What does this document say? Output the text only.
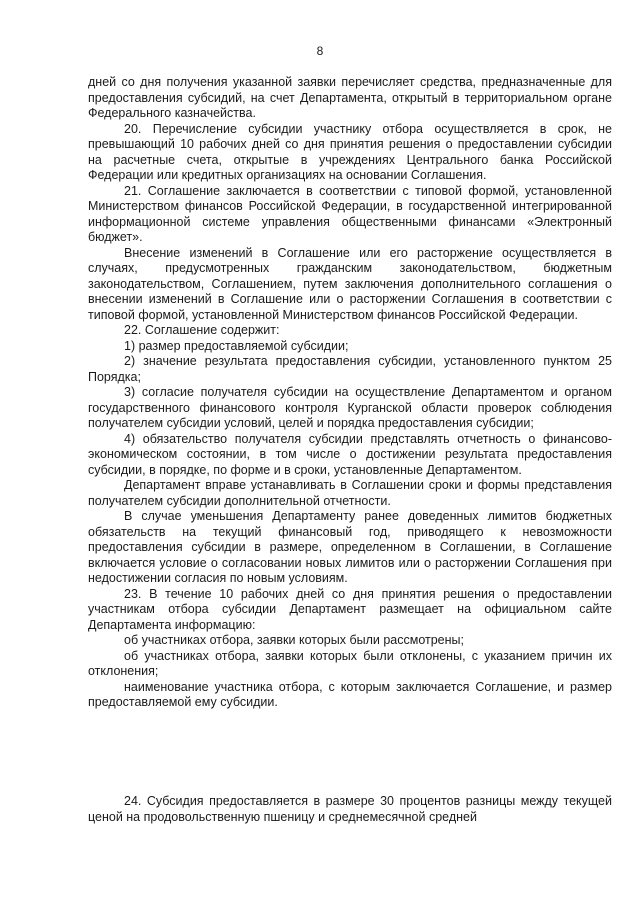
8

дней со дня получения указанной заявки перечисляет средства, предназначенные для предоставления субсидий, на счет Департамента, открытый в территориальном органе Федерального казначейства.

20. Перечисление субсидии участнику отбора осуществляется в срок, не превышающий 10 рабочих дней со дня принятия решения о предоставлении субсидии на расчетные счета, открытые в учреждениях Центрального банка Российской Федерации или кредитных организациях на основании Соглашения.

21. Соглашение заключается в соответствии с типовой формой, установленной Министерством финансов Российской Федерации, в государственной интегрированной информационной системе управления общественными финансами «Электронный бюджет».

Внесение изменений в Соглашение или его расторжение осуществляется в случаях, предусмотренных гражданским законодательством, бюджетным законодательством, Соглашением, путем заключения дополнительного соглашения о внесении изменений в Соглашение или о расторжении Соглашения в соответствии с типовой формой, установленной Министерством финансов Российской Федерации.

22. Соглашение содержит:

1) размер предоставляемой субсидии;

2) значение результата предоставления субсидии, установленного пунктом 25 Порядка;

3) согласие получателя субсидии на осуществление Департаментом и органом государственного финансового контроля Курганской области проверок соблюдения получателем субсидии условий, целей и порядка предоставления субсидии;

4) обязательство получателя субсидии представлять отчетность о финансово-экономическом состоянии, в том числе о достижении результата предоставления субсидии, в порядке, по форме и в сроки, установленные Департаментом.

Департамент вправе устанавливать в Соглашении сроки и формы представления получателем субсидии дополнительной отчетности.

В случае уменьшения Департаменту ранее доведенных лимитов бюджетных обязательств на текущий финансовый год, приводящего к невозможности предоставления субсидии в размере, определенном в Соглашении, в Соглашение включается условие о согласовании новых лимитов или о расторжении Соглашения при недостижении согласия по новым условиям.

23. В течение 10 рабочих дней со дня принятия решения о предоставлении участникам отбора субсидии Департамент размещает на официальном сайте Департамента информацию:

об участниках отбора, заявки которых были рассмотрены;

об участниках отбора, заявки которых были отклонены, с указанием причин их отклонения;

наименование участника отбора, с которым заключается Соглашение, и размер предоставляемой ему субсидии.

24. Субсидия предоставляется в размере 30 процентов разницы между текущей ценой на продовольственную пшеницу и среднемесячной средней
